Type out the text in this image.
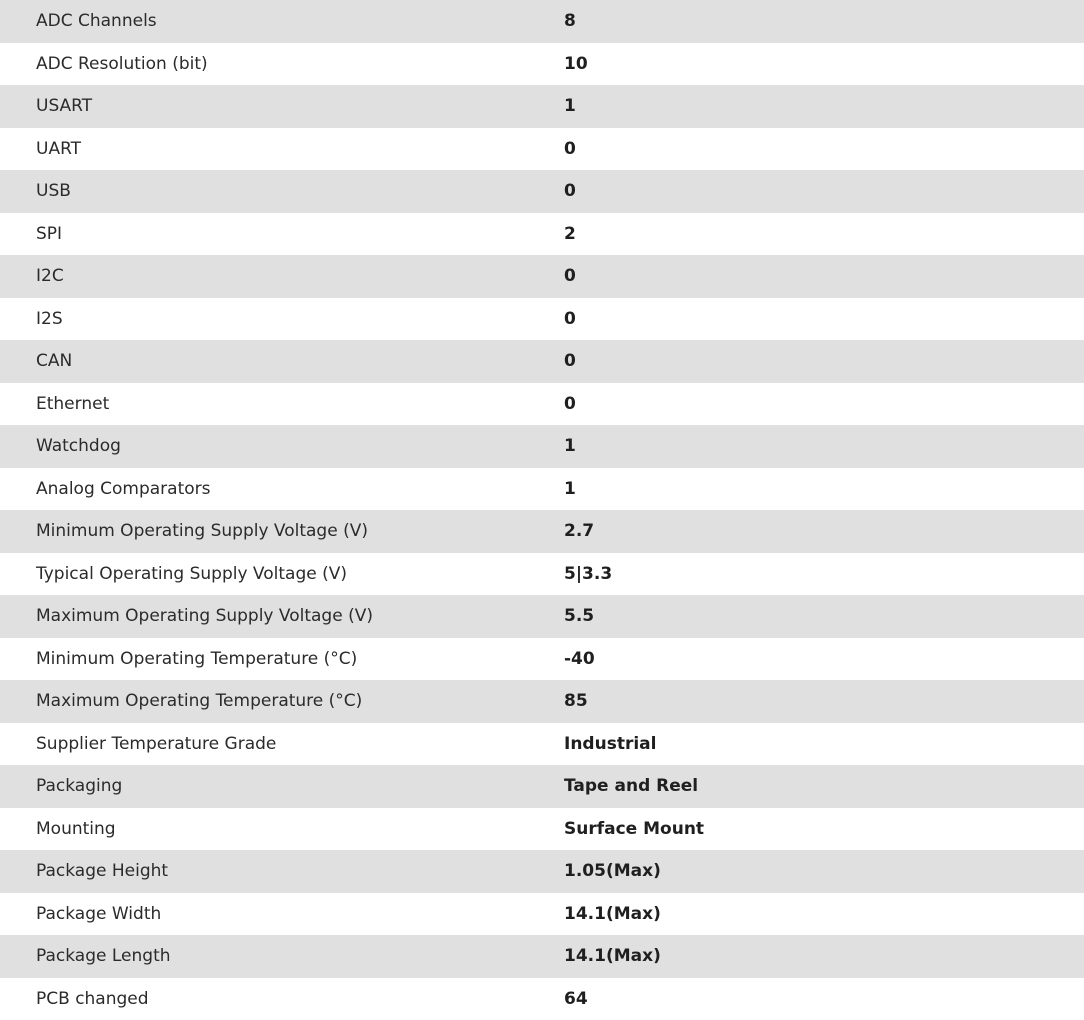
ADC Channels	8
ADC Resolution (bit)	10
USART	1
UART	0
USB	0
SPI	2
I2C	0
I2S	0
CAN	0
Ethernet	0
Watchdog	1
Analog Comparators	1
Minimum Operating Supply Voltage (V)	2.7
Typical Operating Supply Voltage (V)	5|3.3
Maximum Operating Supply Voltage (V)	5.5
Minimum Operating Temperature (°C)	-40
Maximum Operating Temperature (°C)	85
Supplier Temperature Grade	Industrial
Packaging	Tape and Reel
Mounting	Surface Mount
Package Height	1.05(Max)
Package Width	14.1(Max)
Package Length	14.1(Max)
PCB changed	64
